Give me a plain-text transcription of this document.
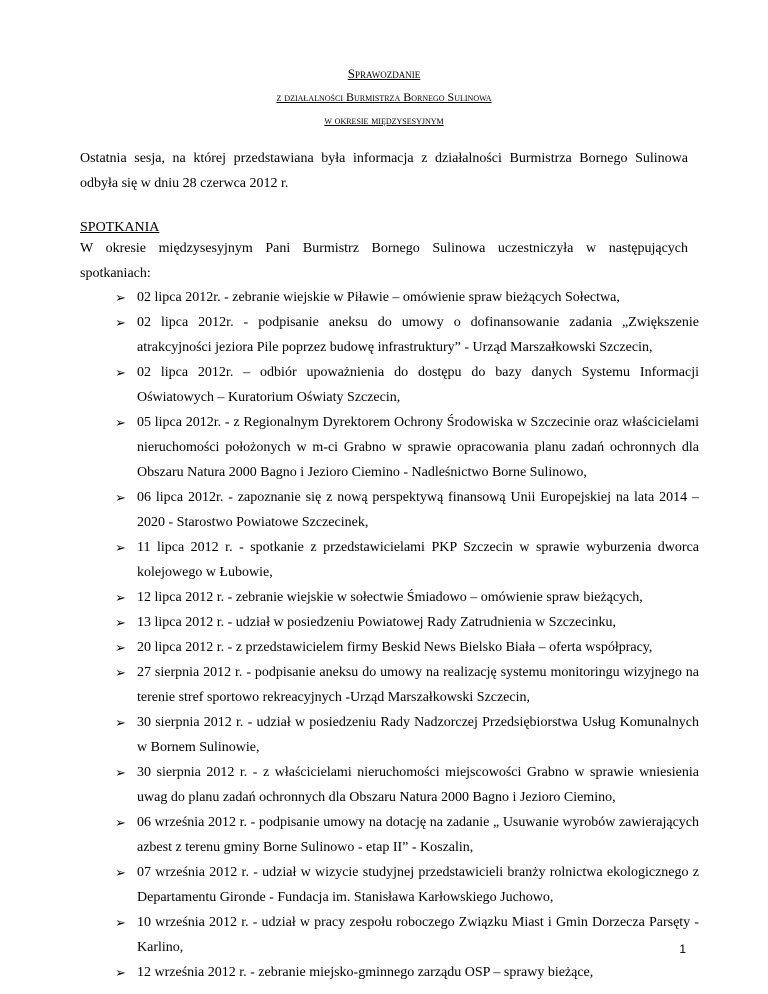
Sprawozdanie
z działalności Burmistrza Bornego Sulinowa
w okresie międzysesyjnym
Ostatnia sesja, na której przedstawiana była informacja z działalności Burmistrza Bornego Sulinowa
odbyła się w dniu 28 czerwca 2012 r.
SPOTKANIA
W okresie międzysesyjnym Pani Burmistrz Bornego Sulinowa uczestniczyła w następujących
spotkaniach:
➢ 02 lipca 2012r. - zebranie wiejskie w Piławie – omówienie spraw bieżących Sołectwa,
➢ 02 lipca 2012r. - podpisanie aneksu do umowy o dofinansowanie zadania „Zwiększenie atrakcyjności jeziora Pile poprzez budowę infrastruktury” - Urząd Marszałkowski Szczecin,
➢ 02 lipca 2012r. – odbiór upoważnienia do dostępu do bazy danych Systemu Informacji Oświatowych – Kuratorium Oświaty Szczecin,
➢ 05 lipca 2012r. - z Regionalnym Dyrektorem Ochrony Środowiska w Szczecinie oraz właścicielami nieruchomości położonych w m-ci Grabno w sprawie opracowania planu zadań ochronnych dla Obszaru Natura 2000 Bagno i Jezioro Ciemino - Nadleśnictwo Borne Sulinowo,
➢ 06 lipca 2012r. - zapoznanie się z nową perspektywą finansową Unii Europejskiej na lata 2014 – 2020 - Starostwo Powiatowe Szczecinek,
➢ 11 lipca 2012 r. - spotkanie z przedstawicielami PKP Szczecin w sprawie wyburzenia dworca kolejowego w Łubowie,
➢ 12 lipca 2012 r. - zebranie wiejskie w sołectwie Śmiadowo – omówienie spraw bieżących,
➢ 13 lipca 2012 r. - udział w posiedzeniu Powiatowej Rady Zatrudnienia w Szczecinku,
➢ 20 lipca 2012 r. - z przedstawicielem firmy Beskid News Bielsko Biała – oferta współpracy,
➢ 27 sierpnia 2012 r. - podpisanie aneksu do umowy na realizację systemu monitoringu wizyjnego na terenie stref sportowo rekreacyjnych -Urząd Marszałkowski Szczecin,
➢ 30 sierpnia 2012 r. - udział w posiedzeniu Rady Nadzorczej Przedsiębiorstwa Usług Komunalnych w Bornem Sulinowie,
➢ 30 sierpnia 2012 r. - z właścicielami nieruchomości miejscowości Grabno w sprawie wniesienia uwag do planu zadań ochronnych dla Obszaru Natura 2000 Bagno i Jezioro Ciemino,
➢ 06 września 2012 r. - podpisanie umowy na dotację na zadanie „ Usuwanie wyrobów zawierających azbest z terenu gminy Borne Sulinowo - etap II” - Koszalin,
➢ 07 września 2012 r. - udział w wizycie studyjnej przedstawicieli branży rolnictwa ekologicznego z Departamentu Gironde - Fundacja im. Stanisława Karłowskiego Juchowo,
➢ 10 września 2012 r. - udział w pracy zespołu roboczego Związku Miast i Gmin Dorzecza Parsęty - Karlino,
➢ 12 września 2012 r. - zebranie miejsko-gminnego zarządu OSP – sprawy bieżące,
1
